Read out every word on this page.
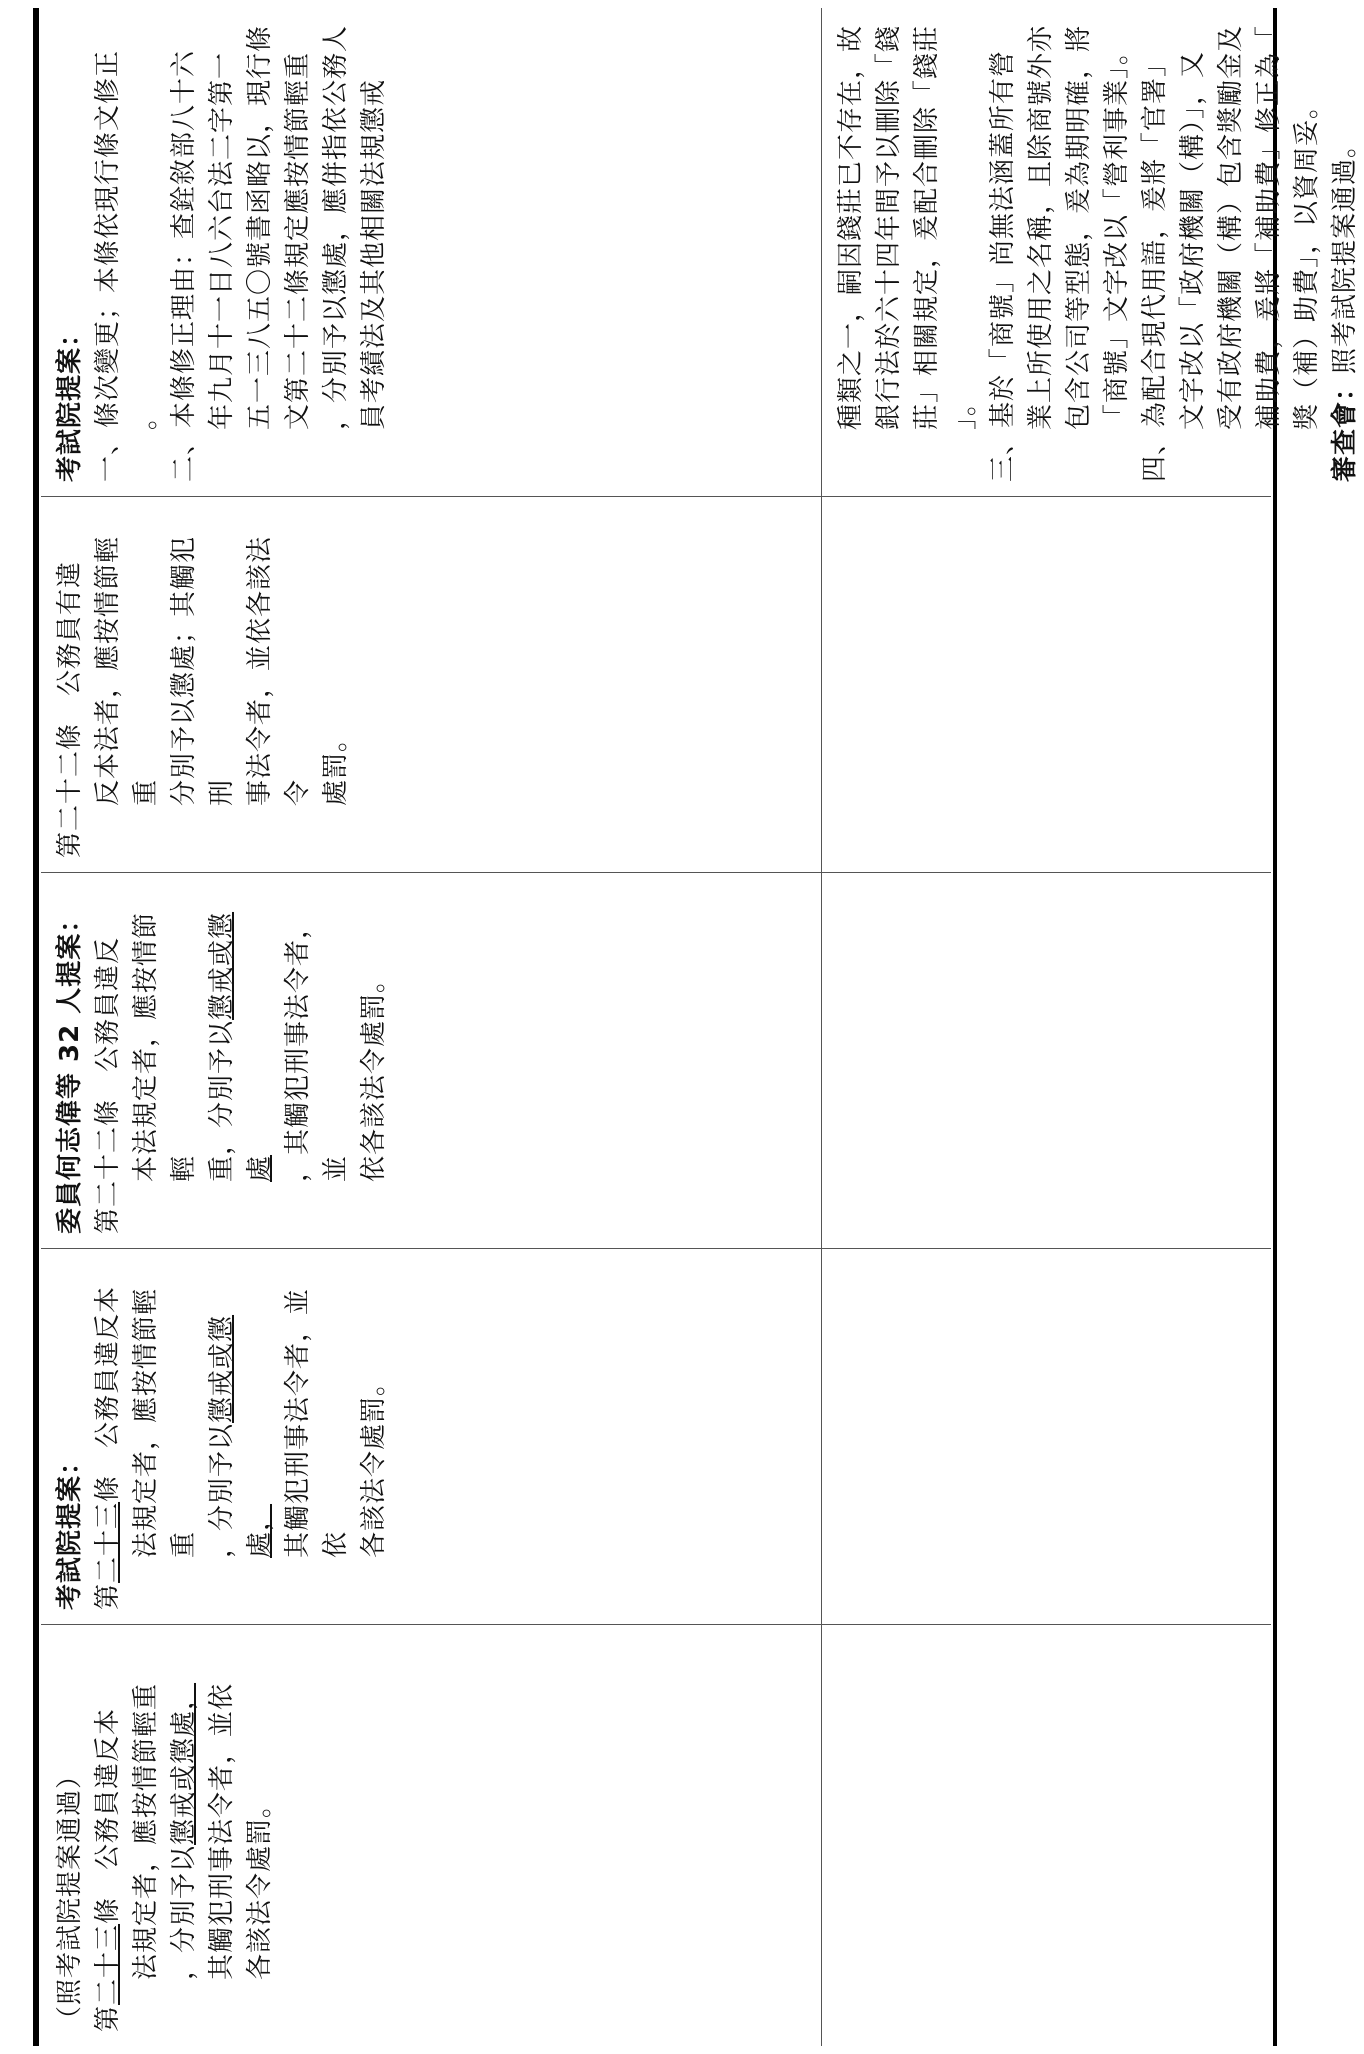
種類之一，嗣因錢莊已不存在，故 銀行法於六十四年間予以刪除「錢 莊」相關規定，爰配合刪除「錢莊 」。 三、基於「商號」尚無法涵蓋所有營 業上所使用之名稱，且除商號外亦 包含公司等型態，爰為期明確，將 「商號」文字改以「營利事業」。 四、為配合現代用語，爰將「官署」 文字改以「政府機關（構）」，又 受有政府機關（構）包含獎勵金及 補助費，爰將「補助費」修正為「 獎（補）助費」，以資周妥。 審查會：照考試院提案通過。
考試院提案： 一、條次變更；本條依現行條文修正 。 二、本條修正理由：查銓敘部八十六 年九月十一日八六台法二字第一 五一三八五〇號書函略以，現行條 文第二十二條規定應按情節輕重 ，分別予以懲處，應併指依公務人 員考績法及其他相關法規懲戒
第二十二條　公務員有違 反本法者，應按情節輕重 分別予以懲處；其觸犯刑 事法令者，並依各該法令 處罰。
委員何志偉等 32 人提案： 第二十二條　公務員違反 本法規定者，應按情節輕 重，分別予以懲戒或懲處 ，其觸犯刑事法令者，並 依各該法令處罰。
考試院提案： 第二十三條　公務員違反本 法規定者，應按情節輕重 ，分別予以懲戒或懲處， 其觸犯刑事法令者，並依 各該法令處罰。
（照考試院提案通過） 第二十三條　公務員違反本 法規定者，應按情節輕重 ，分別予以懲戒或懲處， 其觸犯刑事法令者，並依 各該法令處罰。
